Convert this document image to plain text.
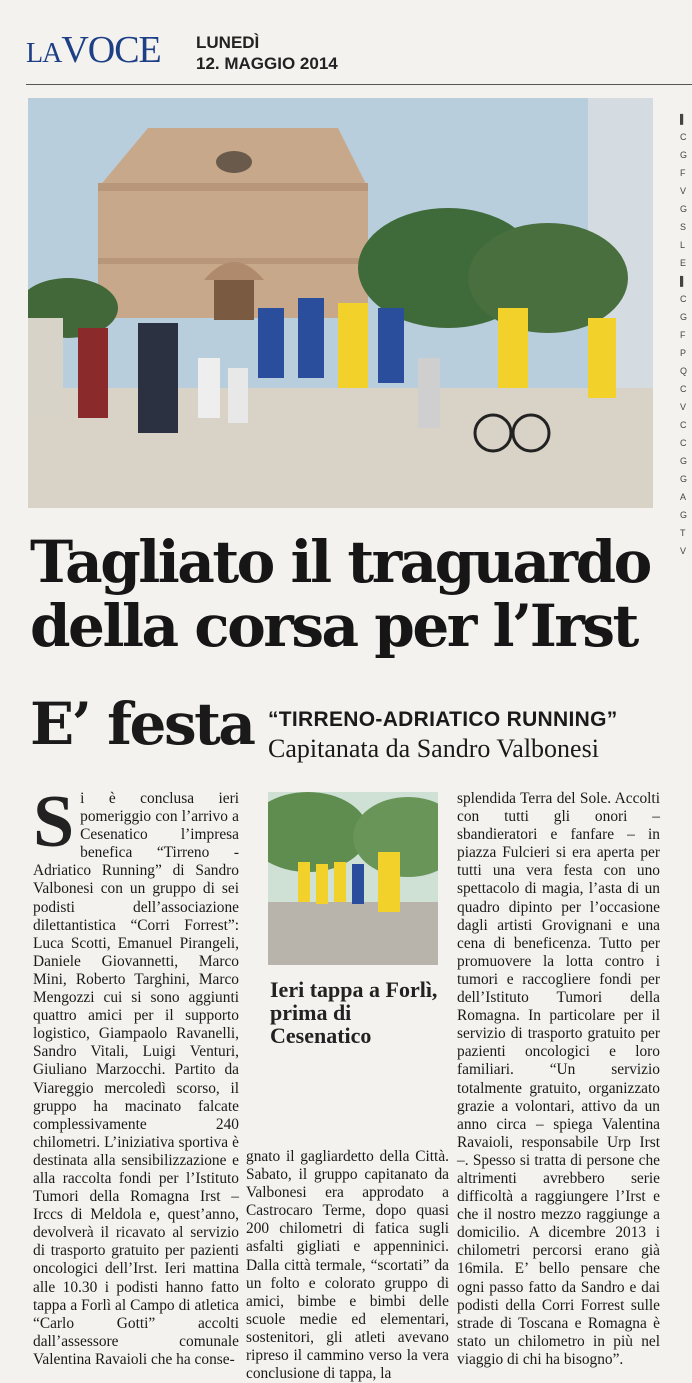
LAVOCE LUNEDÌ
12. MAGGIO 2014
▌
C
G
F
V
G
S
L
E
▌
C
G
F
P
Q
C
V
C
C
G
G
A
G
T
V
Tagliato il traguardo
della corsa per l’Irst
E’ festa “TIRRENO-ADRIATICO RUNNING”
Capitanata da Sandro Valbonesi
Si è conclusa ieri pomeriggio con l’arrivo a Cesenatico l’impresa benefica “Tirreno - Adriatico Running” di Sandro Valbonesi con un gruppo di sei podisti dell’associazione dilettantistica “Corri Forrest”: Luca Scotti, Emanuel Pirangeli, Daniele Giovannetti, Marco Mini, Roberto Targhini, Marco Mengozzi cui si sono aggiunti quattro amici per il supporto logistico, Giampaolo Ravanelli, Sandro Vitali, Luigi Venturi, Giuliano Marzocchi. Partito da Viareggio mercoledì scorso, il gruppo ha macinato falcate complessivamente 240 chilometri. L’iniziativa sportiva è destinata alla sensibilizzazione e alla raccolta fondi per l’Istituto Tumori della Romagna Irst – Irccs di Meldola e, quest’anno, devolverà il ricavato al servizio di trasporto gratuito per pazienti oncologici dell’Irst. Ieri mattina alle 10.30 i podisti hanno fatto tappa a Forlì al Campo di atletica “Carlo Gotti” accolti dall’assessore comunale Valentina Ravaioli che ha conse-
Ieri tappa a Forlì, prima di Cesenatico
gnato il gagliardetto della Città. Sabato, il gruppo capitanato da Valbonesi era approdato a Castrocaro Terme, dopo quasi 200 chilometri di fatica sugli asfalti gigliati e appenninici. Dalla città termale, “scortati” da un folto e colorato gruppo di amici, bimbe e bimbi delle scuole medie ed elementari, sostenitori, gli atleti avevano ripreso il cammino verso la vera conclusione di tappa, la
splendida Terra del Sole. Accolti con tutti gli onori – sbandieratori e fanfare – in piazza Fulcieri si era aperta per tutti una vera festa con uno spettacolo di magia, l’asta di un quadro dipinto per l’occasione dagli artisti Grovignani e una cena di beneficenza. Tutto per promuovere la lotta contro i tumori e raccogliere fondi per dell’Istituto Tumori della Romagna. In particolare per il servizio di trasporto gratuito per pazienti oncologici e loro familiari. “Un servizio totalmente gratuito, organizzato grazie a volontari, attivo da un anno circa – spiega Valentina Ravaioli, responsabile Urp Irst –. Spesso si tratta di persone che altrimenti avrebbero serie difficoltà a raggiungere l’Irst e che il nostro mezzo raggiunge a domicilio. A dicembre 2013 i chilometri percorsi erano già 16mila. E’ bello pensare che ogni passo fatto da Sandro e dai podisti della Corri Forrest sulle strade di Toscana e Romagna è stato un chilometro in più nel viaggio di chi ha bisogno”.
